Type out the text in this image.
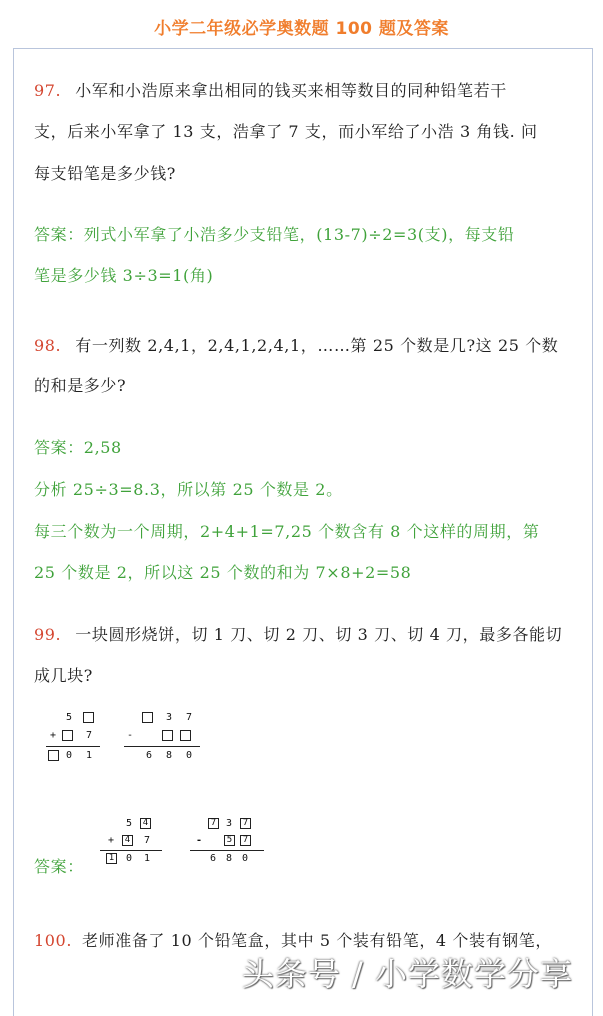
小学二年级必学奥数题 100 题及答案
97. 小军和小浩原来拿出相同的钱买来相等数目的同种铅笔若干
支，后来小军拿了 13 支，浩拿了 7 支，而小军给了小浩 3 角钱. 问
每支铅笔是多少钱?
答案：列式小军拿了小浩多少支铅笔，(13-7)÷2=3(支)，每支铅
笔是多少钱 3÷3=1(角)
98. 有一列数 2,4,1，2,4,1,2,4,1，……第 25 个数是几?这 25 个数
的和是多少?
答案：2,58
分析 25÷3=8.3，所以第 25 个数是 2。
每三个数为一个周期，2+4+1=7,25 个数含有 8 个这样的周期，第
25 个数是 2，所以这 25 个数的和为 7×8+2=58
99. 一块圆形烧饼，切 1 刀、切 2 刀、切 3 刀、切 4 刀，最多各能切
成几块?
5
+	7
0 1
3 7
-
6 8 0
答案：
5 4
+ 4 7
1 0 1
7 3 7
-	5 7
6 8 0
100. 老师准备了 10 个铅笔盒，其中 5 个装有铅笔，4 个装有钢笔，
头条号 / 小学数学分享
